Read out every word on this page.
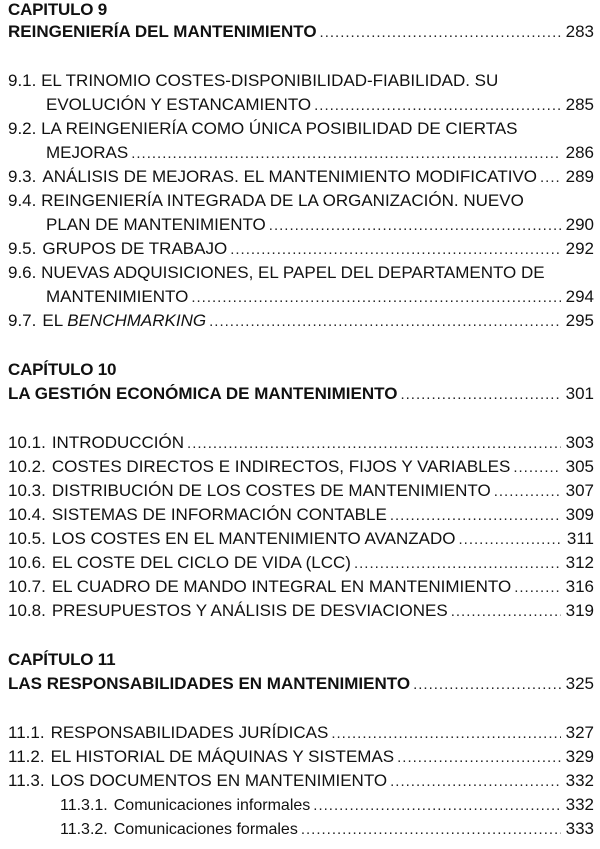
CAPITULO 9
REINGENIERÍA DEL MANTENIMIENTO .....	283
9.1. EL TRINOMIO COSTES-DISPONIBILIDAD-FIABILIDAD. SU
EVOLUCIÓN Y ESTANCAMIENTO .....	285
9.2. LA REINGENIERÍA COMO ÚNICA POSIBILIDAD DE CIERTAS
MEJORAS .....	286
9.3. ANÁLISIS DE MEJORAS. EL MANTENIMIENTO MODIFICATIVO ..... 289
9.4. REINGENIERÍA INTEGRADA DE LA ORGANIZACIÓN. NUEVO
PLAN DE MANTENIMIENTO .....	290
9.5. GRUPOS DE TRABAJO .....	292
9.6. NUEVAS ADQUISICIONES, EL PAPEL DEL DEPARTAMENTO DE
MANTENIMIENTO .....	294
9.7. EL BENCHMARKING .....	295
CAPÍTULO 10
LA GESTIÓN ECONÓMICA DE MANTENIMIENTO .....	301
10.1. INTRODUCCIÓN .....	303
10.2. COSTES DIRECTOS E INDIRECTOS, FIJOS Y VARIABLES .....	305
10.3. DISTRIBUCIÓN DE LOS COSTES DE MANTENIMIENTO .....	307
10.4. SISTEMAS DE INFORMACIÓN CONTABLE .....	309
10.5. LOS COSTES EN EL MANTENIMIENTO AVANZADO .....	311
10.6. EL COSTE DEL CICLO DE VIDA (LCC) .....	312
10.7. EL CUADRO DE MANDO INTEGRAL EN MANTENIMIENTO .....	316
10.8. PRESUPUESTOS Y ANÁLISIS DE DESVIACIONES .....	319
CAPÍTULO 11
LAS RESPONSABILIDADES EN MANTENIMIENTO .....	325
11.1. RESPONSABILIDADES JURÍDICAS .....	327
11.2. EL HISTORIAL DE MÁQUINAS Y SISTEMAS .....	329
11.3. LOS DOCUMENTOS EN MANTENIMIENTO .....	332
11.3.1. Comunicaciones informales .....	332
11.3.2. Comunicaciones formales .....	333
